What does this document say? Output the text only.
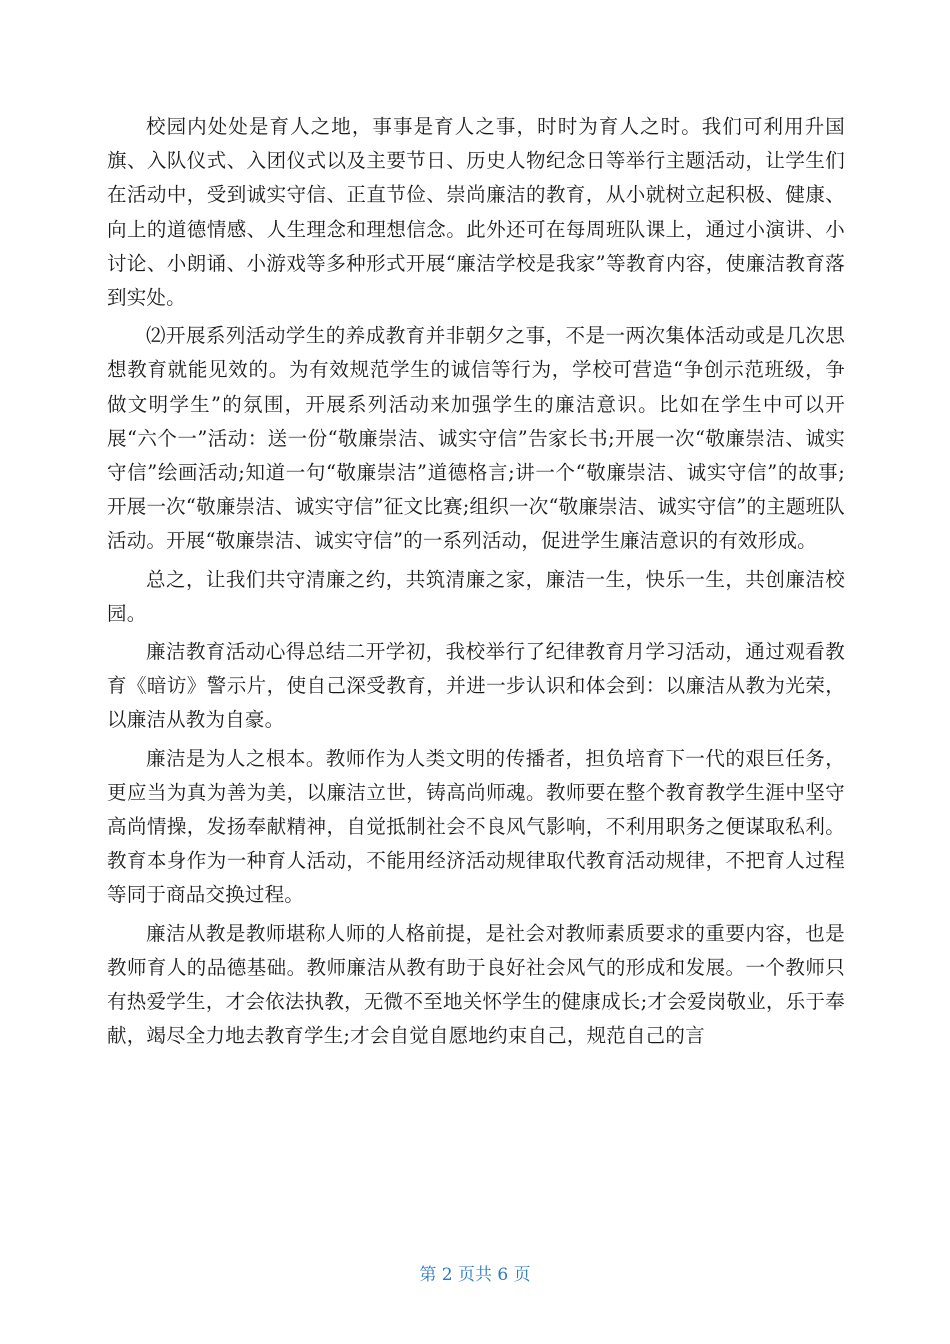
校园内处处是育人之地，事事是育人之事，时时为育人之时。我们可利用升国旗、入队仪式、入团仪式以及主要节日、历史人物纪念日等举行主题活动，让学生们在活动中，受到诚实守信、正直节俭、崇尚廉洁的教育，从小就树立起积极、健康、向上的道德情感、人生理念和理想信念。此外还可在每周班队课上，通过小演讲、小讨论、小朗诵、小游戏等多种形式开展“廉洁学校是我家”等教育内容，使廉洁教育落到实处。

⑵开展系列活动学生的养成教育并非朝夕之事，不是一两次集体活动或是几次思想教育就能见效的。为有效规范学生的诚信等行为，学校可营造“争创示范班级，争做文明学生”的氛围，开展系列活动来加强学生的廉洁意识。比如在学生中可以开展“六个一”活动：送一份“敬廉崇洁、诚实守信”告家长书;开展一次“敬廉崇洁、诚实守信”绘画活动;知道一句“敬廉崇洁”道德格言;讲一个“敬廉崇洁、诚实守信”的故事;开展一次“敬廉崇洁、诚实守信”征文比赛;组织一次“敬廉崇洁、诚实守信”的主题班队活动。开展“敬廉崇洁、诚实守信”的一系列活动，促进学生廉洁意识的有效形成。

总之，让我们共守清廉之约，共筑清廉之家，廉洁一生，快乐一生，共创廉洁校园。

廉洁教育活动心得总结二开学初，我校举行了纪律教育月学习活动，通过观看教育《暗访》警示片，使自己深受教育，并进一步认识和体会到：以廉洁从教为光荣，以廉洁从教为自豪。

廉洁是为人之根本。教师作为人类文明的传播者，担负培育下一代的艰巨任务，更应当为真为善为美，以廉洁立世，铸高尚师魂。教师要在整个教育教学生涯中坚守高尚情操，发扬奉献精神，自觉抵制社会不良风气影响，不利用职务之便谋取私利。教育本身作为一种育人活动，不能用经济活动规律取代教育活动规律，不把育人过程等同于商品交换过程。

廉洁从教是教师堪称人师的人格前提，是社会对教师素质要求的重要内容，也是教师育人的品德基础。教师廉洁从教有助于良好社会风气的形成和发展。一个教师只有热爱学生，才会依法执教，无微不至地关怀学生的健康成长;才会爱岗敬业，乐于奉献，竭尽全力地去教育学生;才会自觉自愿地约束自己，规范自己的言

第 2 页共 6 页
